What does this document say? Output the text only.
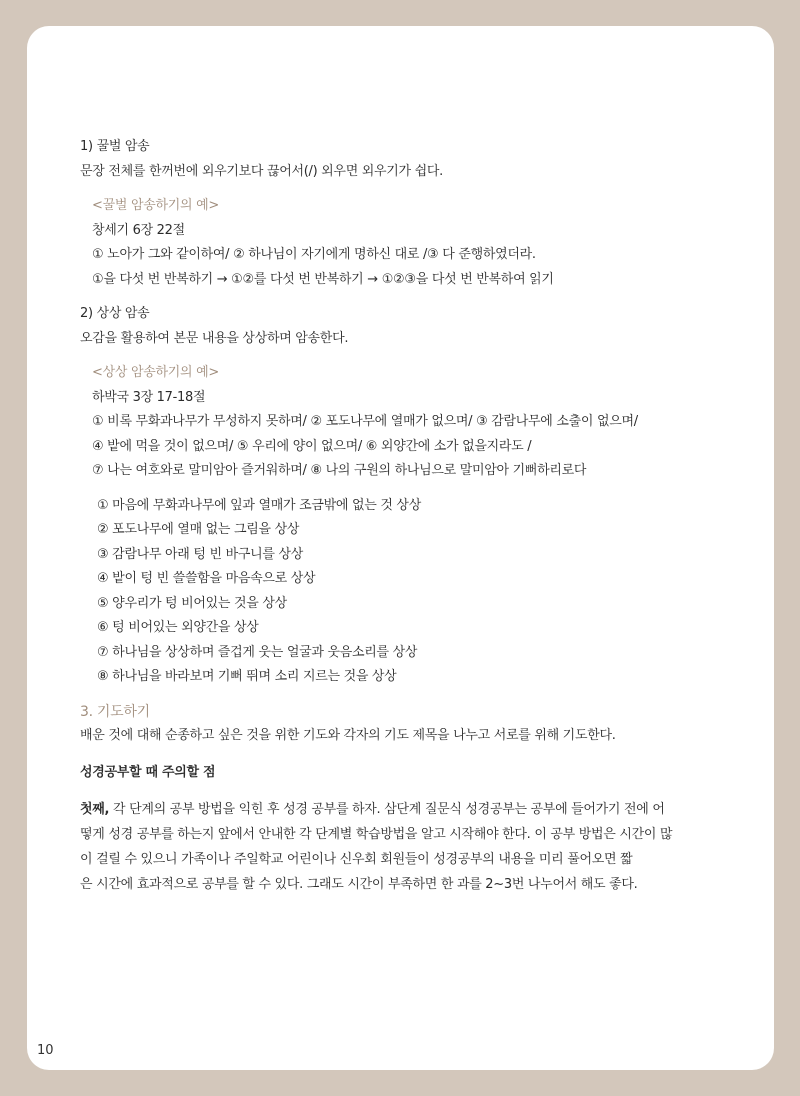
1) 꿀벌 암송
문장 전체를 한꺼번에 외우기보다 끊어서(/) 외우면 외우기가 쉽다.
<꿀벌 암송하기의 예>
창세기 6장 22절
① 노아가 그와 같이하여/ ② 하나님이 자기에게 명하신 대로 /③ 다 준행하였더라.
①을 다섯 번 반복하기 → ①②를 다섯 번 반복하기 → ①②③을 다섯 번 반복하여 읽기
2) 상상 암송
오감을 활용하여 본문 내용을 상상하며 암송한다.
<상상 암송하기의 예>
하박국 3장 17-18절
① 비록 무화과나무가 무성하지 못하며/ ② 포도나무에 열매가 없으며/ ③ 감람나무에 소출이 없으며/
④ 밭에 먹을 것이 없으며/ ⑤ 우리에 양이 없으며/ ⑥ 외양간에 소가 없을지라도 /
⑦ 나는 여호와로 말미암아 즐거워하며/ ⑧ 나의 구원의 하나님으로 말미암아 기뻐하리로다
① 마음에 무화과나무에 잎과 열매가 조금밖에 없는 것 상상
② 포도나무에 열매 없는 그림을 상상
③ 감람나무 아래 텅 빈 바구니를 상상
④ 밭이 텅 빈 쓸쓸함을 마음속으로 상상
⑤ 양우리가 텅 비어있는 것을 상상
⑥ 텅 비어있는 외양간을 상상
⑦ 하나님을 상상하며 즐겁게 웃는 얼굴과 웃음소리를 상상
⑧ 하나님을 바라보며 기뻐 뛰며 소리 지르는 것을 상상
3. 기도하기
배운 것에 대해 순종하고 싶은 것을 위한 기도와 각자의 기도 제목을 나누고 서로를 위해 기도한다.
성경공부할 때 주의할 점
첫째, 각 단계의 공부 방법을 익힌 후 성경 공부를 하자. 삼단계 질문식 성경공부는 공부에 들어가기 전에 어
떻게 성경 공부를 하는지 앞에서 안내한 각 단계별 학습방법을 알고 시작해야 한다. 이 공부 방법은 시간이 많
이 걸릴 수 있으니 가족이나 주일학교 어린이나 신우회 회원들이 성경공부의 내용을 미리 풀어오면 짧
은 시간에 효과적으로 공부를 할 수 있다. 그래도 시간이 부족하면 한 과를 2~3번 나누어서 해도 좋다.
10
